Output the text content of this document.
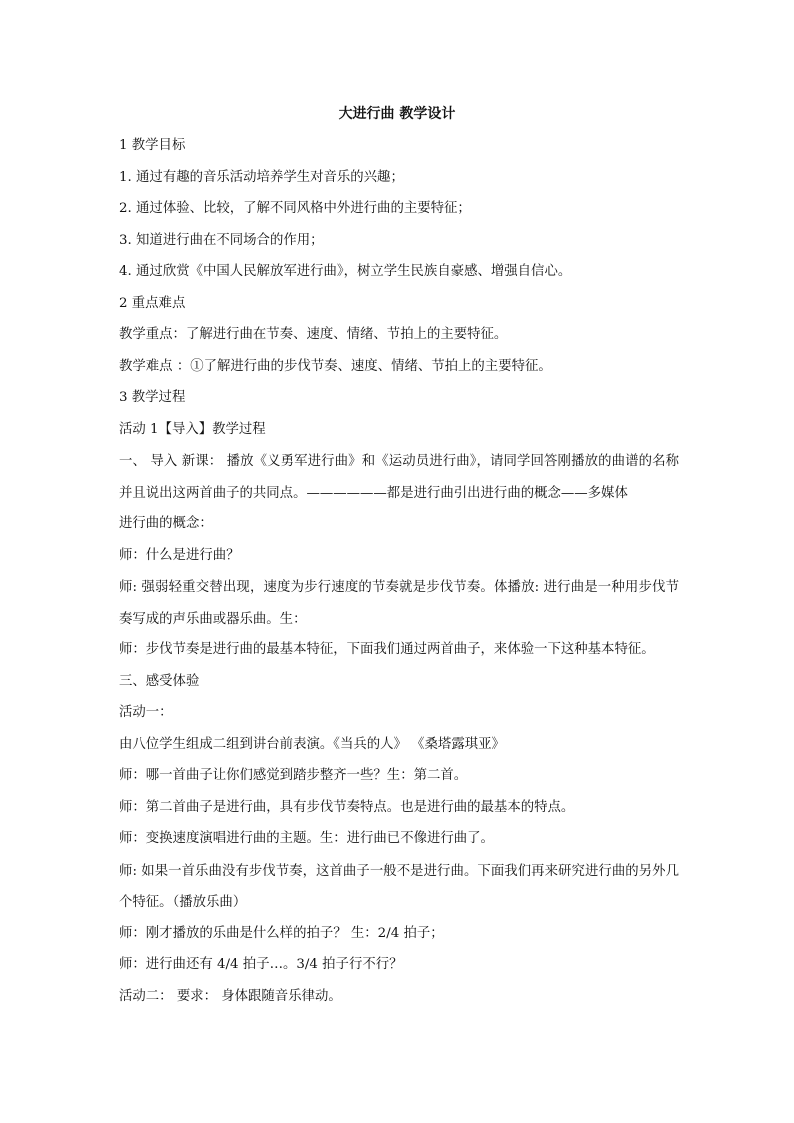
大进行曲 教学设计
1 教学目标
1. 通过有趣的音乐活动培养学生对音乐的兴趣；
2. 通过体验、比较，了解不同风格中外进行曲的主要特征；
3. 知道进行曲在不同场合的作用；
4. 通过欣赏《中国人民解放军进行曲》，树立学生民族自豪感、增强自信心。
2 重点难点
教学重点：了解进行曲在节奏、速度、情绪、节拍上的主要特征。
教学难点 ：①了解进行曲的步伐节奏、速度、情绪、节拍上的主要特征。
3 教学过程
活动 1【导入】教学过程
一、 导入 新课： 播放《义勇军进行曲》和《运动员进行曲》，请同学回答刚播放的曲谱的名称并且说出这两首曲子的共同点。——————都是进行曲引出进行曲的概念——多媒体
进行曲的概念：
师：什么是进行曲？
师: 强弱轻重交替出现，速度为步行速度的节奏就是步伐节奏。体播放: 进行曲是一种用步伐节奏写成的声乐曲或器乐曲。生：
师：步伐节奏是进行曲的最基本特征，下面我们通过两首曲子，来体验一下这种基本特征。
三、感受体验
活动一：
由八位学生组成二组到讲台前表演。《当兵的人》 《桑塔露琪亚》
师：哪一首曲子让你们感觉到踏步整齐一些？生：第二首。
师：第二首曲子是进行曲，具有步伐节奏特点。也是进行曲的最基本的特点。
师：变换速度演唱进行曲的主题。生：进行曲已不像进行曲了。
师: 如果一首乐曲没有步伐节奏，这首曲子一般不是进行曲。下面我们再来研究进行曲的另外几个特征。（播放乐曲）
师：刚才播放的乐曲是什么样的拍子？ 生：2/4 拍子；
师：进行曲还有 4/4 拍子…。3/4 拍子行不行？
活动二： 要求： 身体跟随音乐律动。
